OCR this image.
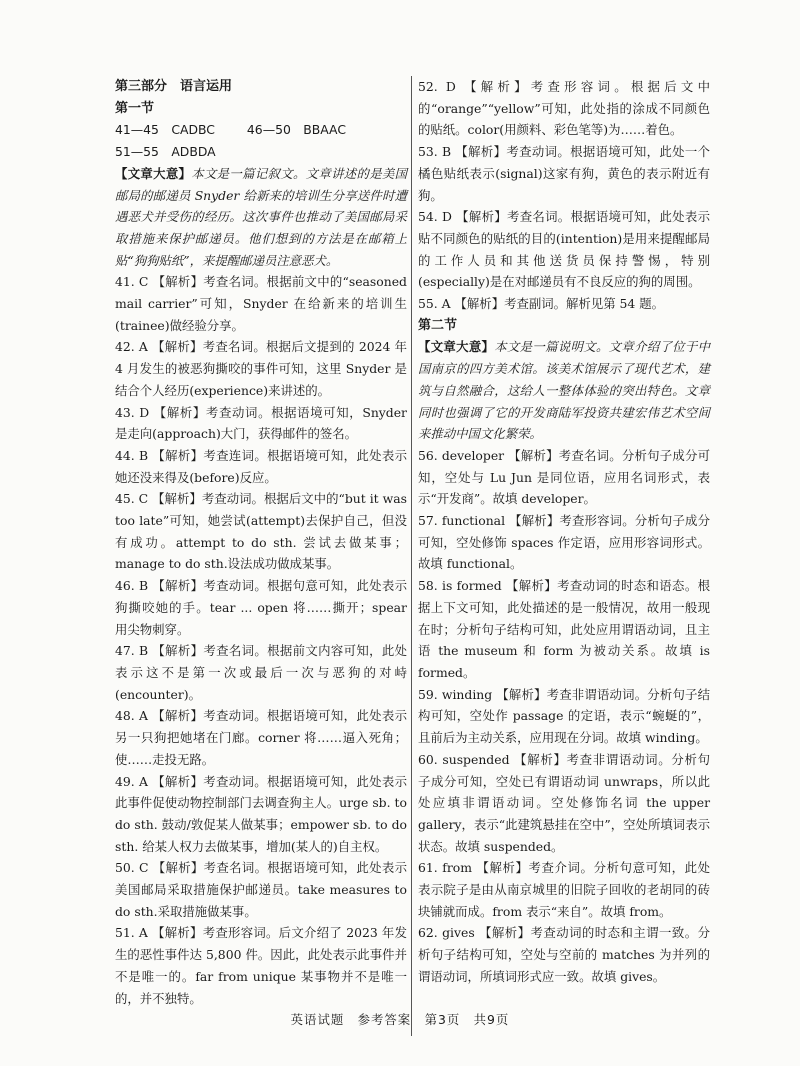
第三部分　语言运用
第一节
41—45　CADBC	46—50　BBAAC
51—55　ADBDA
【文章大意】本文是一篇记叙文。文章讲述的是美国邮局的邮递员 Snyder 给新来的培训生分享送件时遭遇恶犬并受伤的经历。这次事件也推动了美国邮局采取措施来保护邮递员。他们想到的方法是在邮箱上贴“狗狗贴纸”，来提醒邮递员注意恶犬。
41. C 【解析】考查名词。根据前文中的“seasoned mail carrier”可知，Snyder 在给新来的培训生(trainee)做经验分享。
42. A 【解析】考查名词。根据后文提到的 2024 年 4 月发生的被恶狗撕咬的事件可知，这里 Snyder 是结合个人经历(experience)来讲述的。
43. D 【解析】考查动词。根据语境可知，Snyder 是走向(approach)大门，获得邮件的签名。
44. B 【解析】考查连词。根据语境可知，此处表示她还没来得及(before)反应。
45. C 【解析】考查动词。根据后文中的“but it was too late”可知，她尝试(attempt)去保护自己，但没有成功。attempt to do sth. 尝试去做某事；manage to do sth.设法成功做成某事。
46. B 【解析】考查动词。根据句意可知，此处表示狗撕咬她的手。tear ... open 将……撕开；spear 用尖物刺穿。
47. B 【解析】考查名词。根据前文内容可知，此处表示这不是第一次或最后一次与恶狗的对峙(encounter)。
48. A 【解析】考查动词。根据语境可知，此处表示另一只狗把她堵在门廊。corner 将……逼入死角；使……走投无路。
49. A 【解析】考查动词。根据语境可知，此处表示此事件促使动物控制部门去调查狗主人。urge sb. to do sth. 鼓动/敦促某人做某事；empower sb. to do sth. 给某人权力去做某事，增加(某人的)自主权。
50. C 【解析】考查名词。根据语境可知，此处表示美国邮局采取措施保护邮递员。take measures to do sth.采取措施做某事。
51. A 【解析】考查形容词。后文介绍了 2023 年发生的恶性事件达 5,800 件。因此，此处表示此事件并不是唯一的。far from unique 某事物并不是唯一的，并不独特。
52. D 【解析】考查形容词。根据后文中的“orange”“yellow”可知，此处指的涂成不同颜色的贴纸。color(用颜料、彩色笔等)为……着色。
53. B 【解析】考查动词。根据语境可知，此处一个橘色贴纸表示(signal)这家有狗，黄色的表示附近有狗。
54. D 【解析】考查名词。根据语境可知，此处表示贴不同颜色的贴纸的目的(intention)是用来提醒邮局的工作人员和其他送货员保持警惕，特别(especially)是在对邮递员有不良反应的狗的周围。
55. A 【解析】考查副词。解析见第 54 题。
第二节
【文章大意】本文是一篇说明文。文章介绍了位于中国南京的四方美术馆。该美术馆展示了现代艺术，建筑与自然融合，这给人一整体体验的突出特色。文章同时也强调了它的开发商陆军投资共建宏伟艺术空间来推动中国文化繁荣。
56. developer 【解析】考查名词。分析句子成分可知，空处与 Lu Jun 是同位语，应用名词形式，表示“开发商”。故填 developer。
57. functional 【解析】考查形容词。分析句子成分可知，空处修饰 spaces 作定语，应用形容词形式。故填 functional。
58. is formed 【解析】考查动词的时态和语态。根据上下文可知，此处描述的是一般情况，故用一般现在时；分析句子结构可知，此处应用谓语动词，且主语 the museum 和 form 为被动关系。故填 is formed。
59. winding 【解析】考查非谓语动词。分析句子结构可知，空处作 passage 的定语，表示“蜿蜒的”，且前后为主动关系，应用现在分词。故填 winding。
60. suspended 【解析】考查非谓语动词。分析句子成分可知，空处已有谓语动词 unwraps，所以此处应填非谓语动词。空处修饰名词 the upper gallery，表示“此建筑悬挂在空中”，空处所填词表示状态。故填 suspended。
61. from 【解析】考查介词。分析句意可知，此处表示院子是由从南京城里的旧院子回收的老胡同的砖块铺就而成。from 表示“来自”。故填 from。
62. gives 【解析】考查动词的时态和主谓一致。分析句子结构可知，空处与空前的 matches 为并列的谓语动词，所填词形式应一致。故填 gives。
英语试题　参考答案　第3页　共9页
